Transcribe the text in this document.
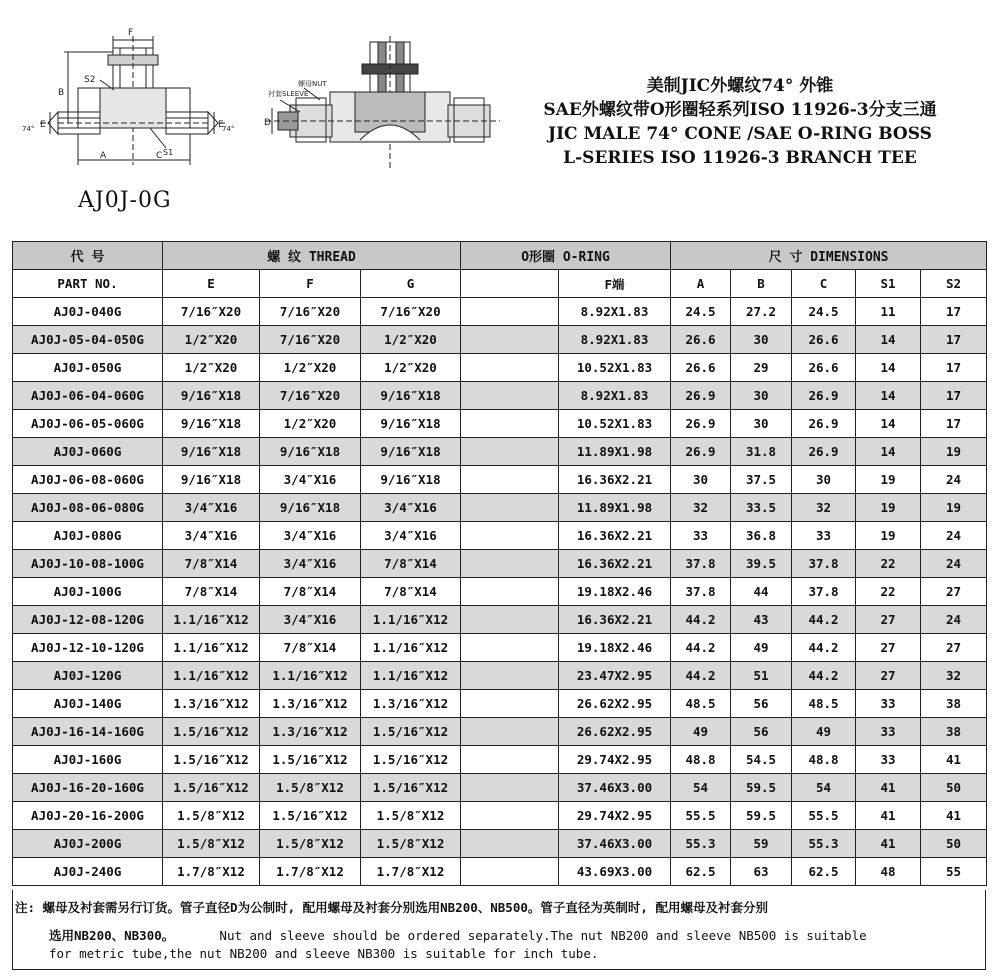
F
S2
B
E	E
74°	74°
A	C S1
螺母NUT
衬套SLEEVE
D
AJ0J-0G
美制JIC外螺纹74° 外锥
SAE外螺纹带O形圈轻系列ISO 11926-3分支三通
JIC MALE 74° CONE /SAE O-RING BOSS
L-SERIES ISO 11926-3 BRANCH TEE
代 号	螺 纹 THREAD			O形圈 O-RING		尺 寸 DIMENSIONS				
PART NO.	E	F	G		F端	A	B	C	S1	S2
AJ0J-040G	7/16″X20	7/16″X20	7/16″X20		8.92X1.83	24.5	27.2	24.5	11	17
AJ0J-05-04-050G	1/2″X20	7/16″X20	1/2″X20		8.92X1.83	26.6	30	26.6	14	17
AJ0J-050G	1/2″X20	1/2″X20	1/2″X20		10.52X1.83	26.6	29	26.6	14	17
AJ0J-06-04-060G	9/16″X18	7/16″X20	9/16″X18		8.92X1.83	26.9	30	26.9	14	17
AJ0J-06-05-060G	9/16″X18	1/2″X20	9/16″X18		10.52X1.83	26.9	30	26.9	14	17
AJ0J-060G	9/16″X18	9/16″X18	9/16″X18		11.89X1.98	26.9	31.8	26.9	14	19
AJ0J-06-08-060G	9/16″X18	3/4″X16	9/16″X18		16.36X2.21	30	37.5	30	19	24
AJ0J-08-06-080G	3/4″X16	9/16″X18	3/4″X16		11.89X1.98	32	33.5	32	19	19
AJ0J-080G	3/4″X16	3/4″X16	3/4″X16		16.36X2.21	33	36.8	33	19	24
AJ0J-10-08-100G	7/8″X14	3/4″X16	7/8″X14		16.36X2.21	37.8	39.5	37.8	22	24
AJ0J-100G	7/8″X14	7/8″X14	7/8″X14		19.18X2.46	37.8	44	37.8	22	27
AJ0J-12-08-120G	1.1/16″X12	3/4″X16	1.1/16″X12		16.36X2.21	44.2	43	44.2	27	24
AJ0J-12-10-120G	1.1/16″X12	7/8″X14	1.1/16″X12		19.18X2.46	44.2	49	44.2	27	27
AJ0J-120G	1.1/16″X12	1.1/16″X12	1.1/16″X12		23.47X2.95	44.2	51	44.2	27	32
AJ0J-140G	1.3/16″X12	1.3/16″X12	1.3/16″X12		26.62X2.95	48.5	56	48.5	33	38
AJ0J-16-14-160G	1.5/16″X12	1.3/16″X12	1.5/16″X12		26.62X2.95	49	56	49	33	38
AJ0J-160G	1.5/16″X12	1.5/16″X12	1.5/16″X12		29.74X2.95	48.8	54.5	48.8	33	41
AJ0J-16-20-160G	1.5/16″X12	1.5/8″X12	1.5/16″X12		37.46X3.00	54	59.5	54	41	50
AJ0J-20-16-200G	1.5/8″X12	1.5/16″X12	1.5/8″X12		29.74X2.95	55.5	59.5	55.5	41	41
AJ0J-200G	1.5/8″X12	1.5/8″X12	1.5/8″X12		37.46X3.00	55.3	59	55.3	41	50
AJ0J-240G	1.7/8″X12	1.7/8″X12	1.7/8″X12		43.69X3.00	62.5	63	62.5	48	55
注: 螺母及衬套需另行订货。管子直径D为公制时, 配用螺母及衬套分别选用NB200、NB500。管子直径为英制时, 配用螺母及衬套分别
选用NB200、NB300。	Nut and sleeve should be ordered separately.The nut NB200 and sleeve NB500 is suitable
for metric tube,the nut NB200 and sleeve NB300 is suitable for inch tube.
